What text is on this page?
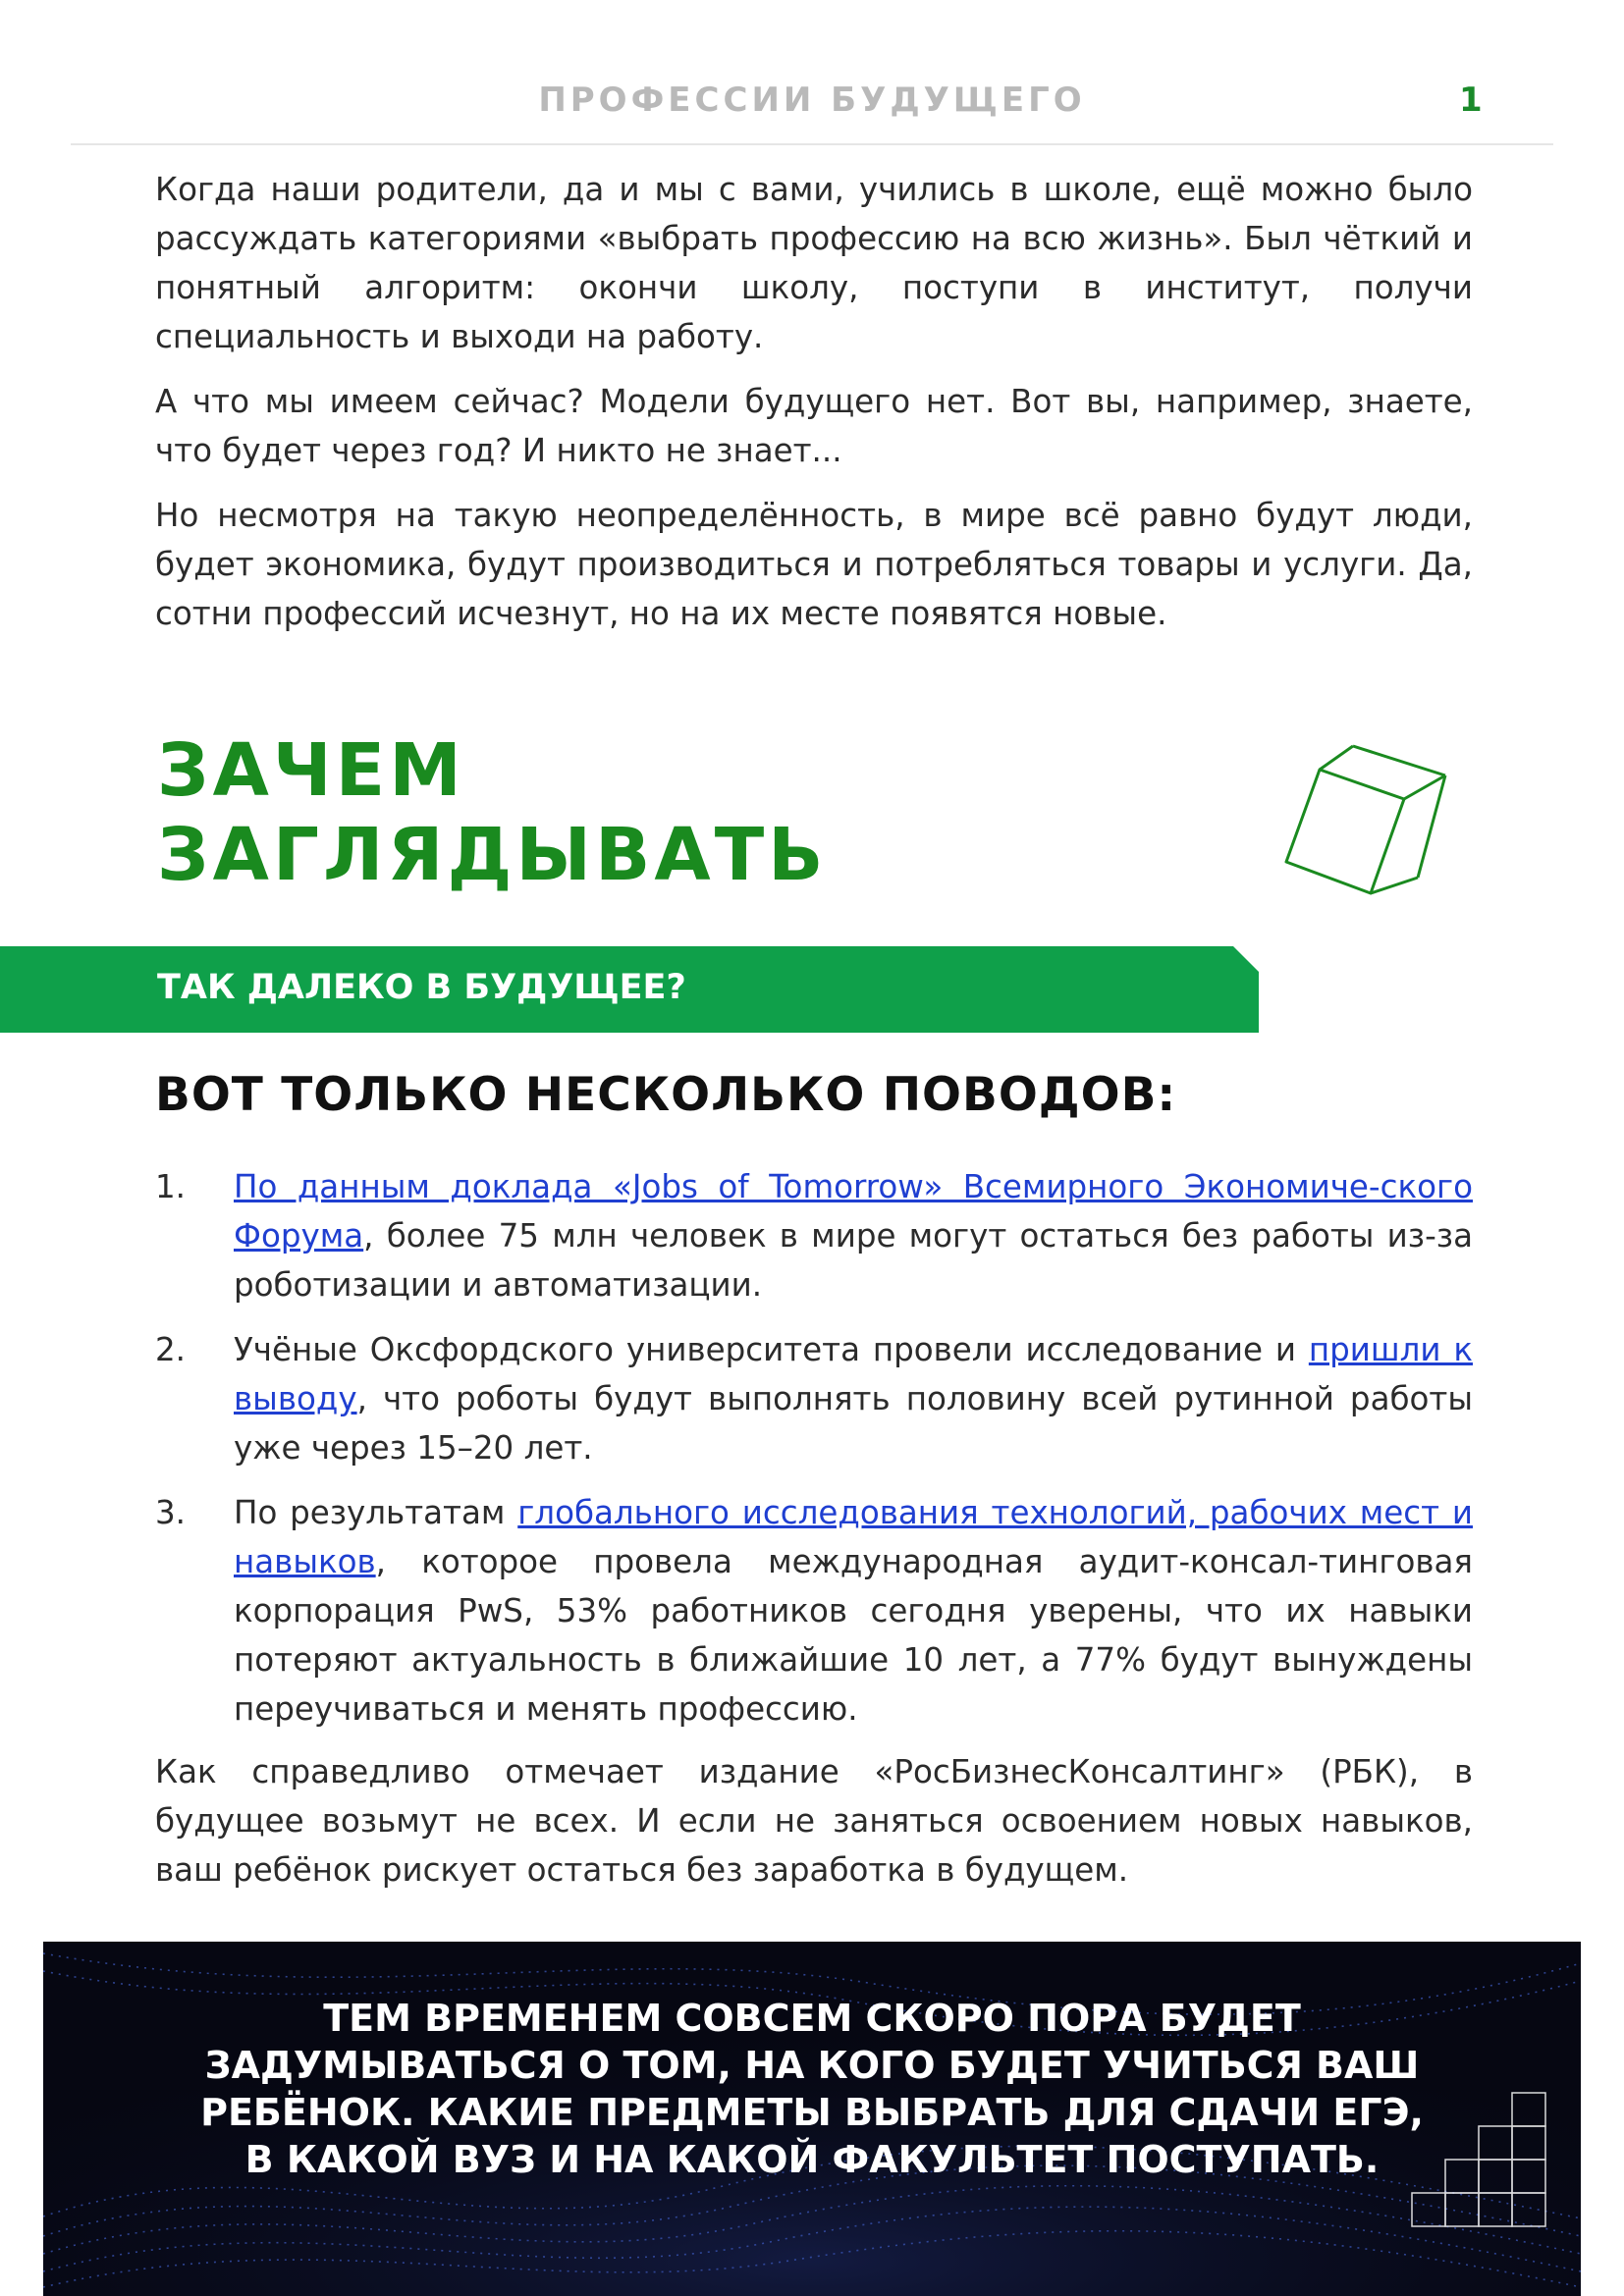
ПРОФЕССИИ БУДУЩЕГО	1

Когда наши родители, да и мы с вами, учились в школе, ещё можно было рассуждать категориями «выбрать профессию на всю жизнь». Был чёткий и понятный алгоритм: окончи школу, поступи в институт, получи специальность и выходи на работу.

А что мы имеем сейчас? Модели будущего нет. Вот вы, например, знаете, что будет через год? И никто не знает...

Но несмотря на такую неопределённость, в мире всё равно будут люди, будет экономика, будут производиться и потребляться товары и услуги. Да, сотни профессий исчезнут, но на их месте появятся новые.

ЗАЧЕМ
ЗАГЛЯДЫВАТЬ
ТАК ДАЛЕКО В БУДУЩЕЕ?
ВОТ ТОЛЬКО НЕСКОЛЬКО ПОВОДОВ:
1. По данным доклада «Jobs of Tomorrow» Всемирного Экономиче-ского Форума, более 75 млн человек в мире могут остаться без работы из-за роботизации и автоматизации.
2. Учёные Оксфордского университета провели исследование и пришли к выводу, что роботы будут выполнять половину всей рутинной работы уже через 15–20 лет.
3. По результатам глобального исследования технологий, рабочих мест и навыков, которое провела международная аудит-консал-тинговая корпорация PwS, 53% работников сегодня уверены, что их навыки потеряют актуальность в ближайшие 10 лет, а 77% будут вынуждены переучиваться и менять профессию.

Как справедливо отмечает издание «РосБизнесКонсалтинг» (РБК), в будущее возьмут не всех. И если не заняться освоением новых навыков, ваш ребёнок рискует остаться без заработка в будущем.

ТЕМ ВРЕМЕНЕМ СОВСЕМ СКОРО ПОРА БУДЕТ
ЗАДУМЫВАТЬСЯ О ТОМ, НА КОГО БУДЕТ УЧИТЬСЯ ВАШ
РЕБЁНОК. КАКИЕ ПРЕДМЕТЫ ВЫБРАТЬ ДЛЯ СДАЧИ ЕГЭ,
В КАКОЙ ВУЗ И НА КАКОЙ ФАКУЛЬТЕТ ПОСТУПАТЬ.
